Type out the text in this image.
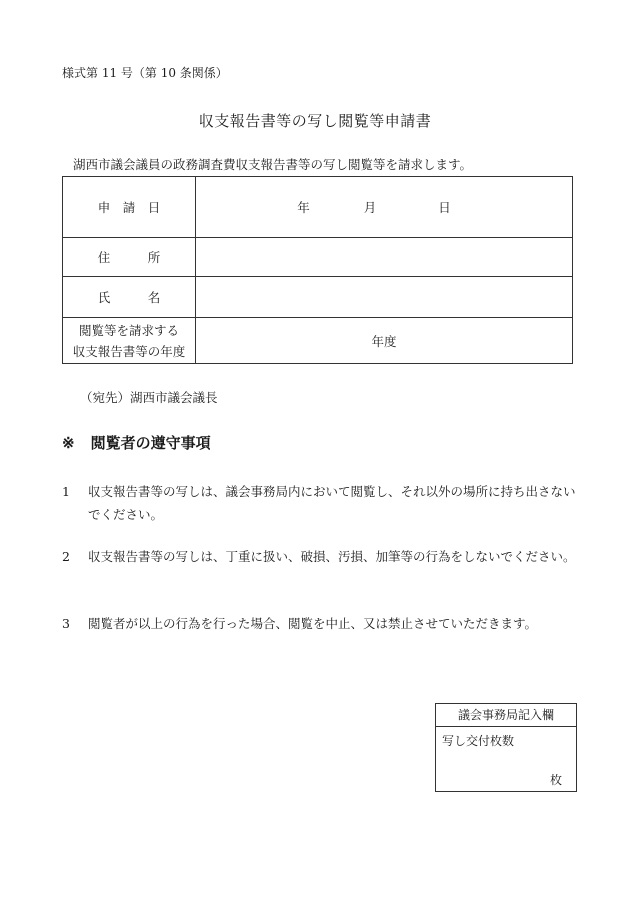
様式第 11 号（第 10 条関係）
収支報告書等の写し閲覧等申請書
湖西市議会議員の政務調査費収支報告書等の写し閲覧等を請求します。
申　請　日	年 月 日
住　　　所	
氏　　　名	

閲覧等を請求する
収支報告書等の年度	年度
（宛先）湖西市議会議長
※ 閲覧者の遵守事項
1 収支報告書等の写しは、議会事務局内において閲覧し、それ以外の場所に持ち出さないでください。
2 収支報告書等の写しは、丁重に扱い、破損、汚損、加筆等の行為をしないでください。
3 閲覧者が以上の行為を行った場合、閲覧を中止、又は禁止させていただきます。
議会事務局記入欄
写し交付枚数
枚
